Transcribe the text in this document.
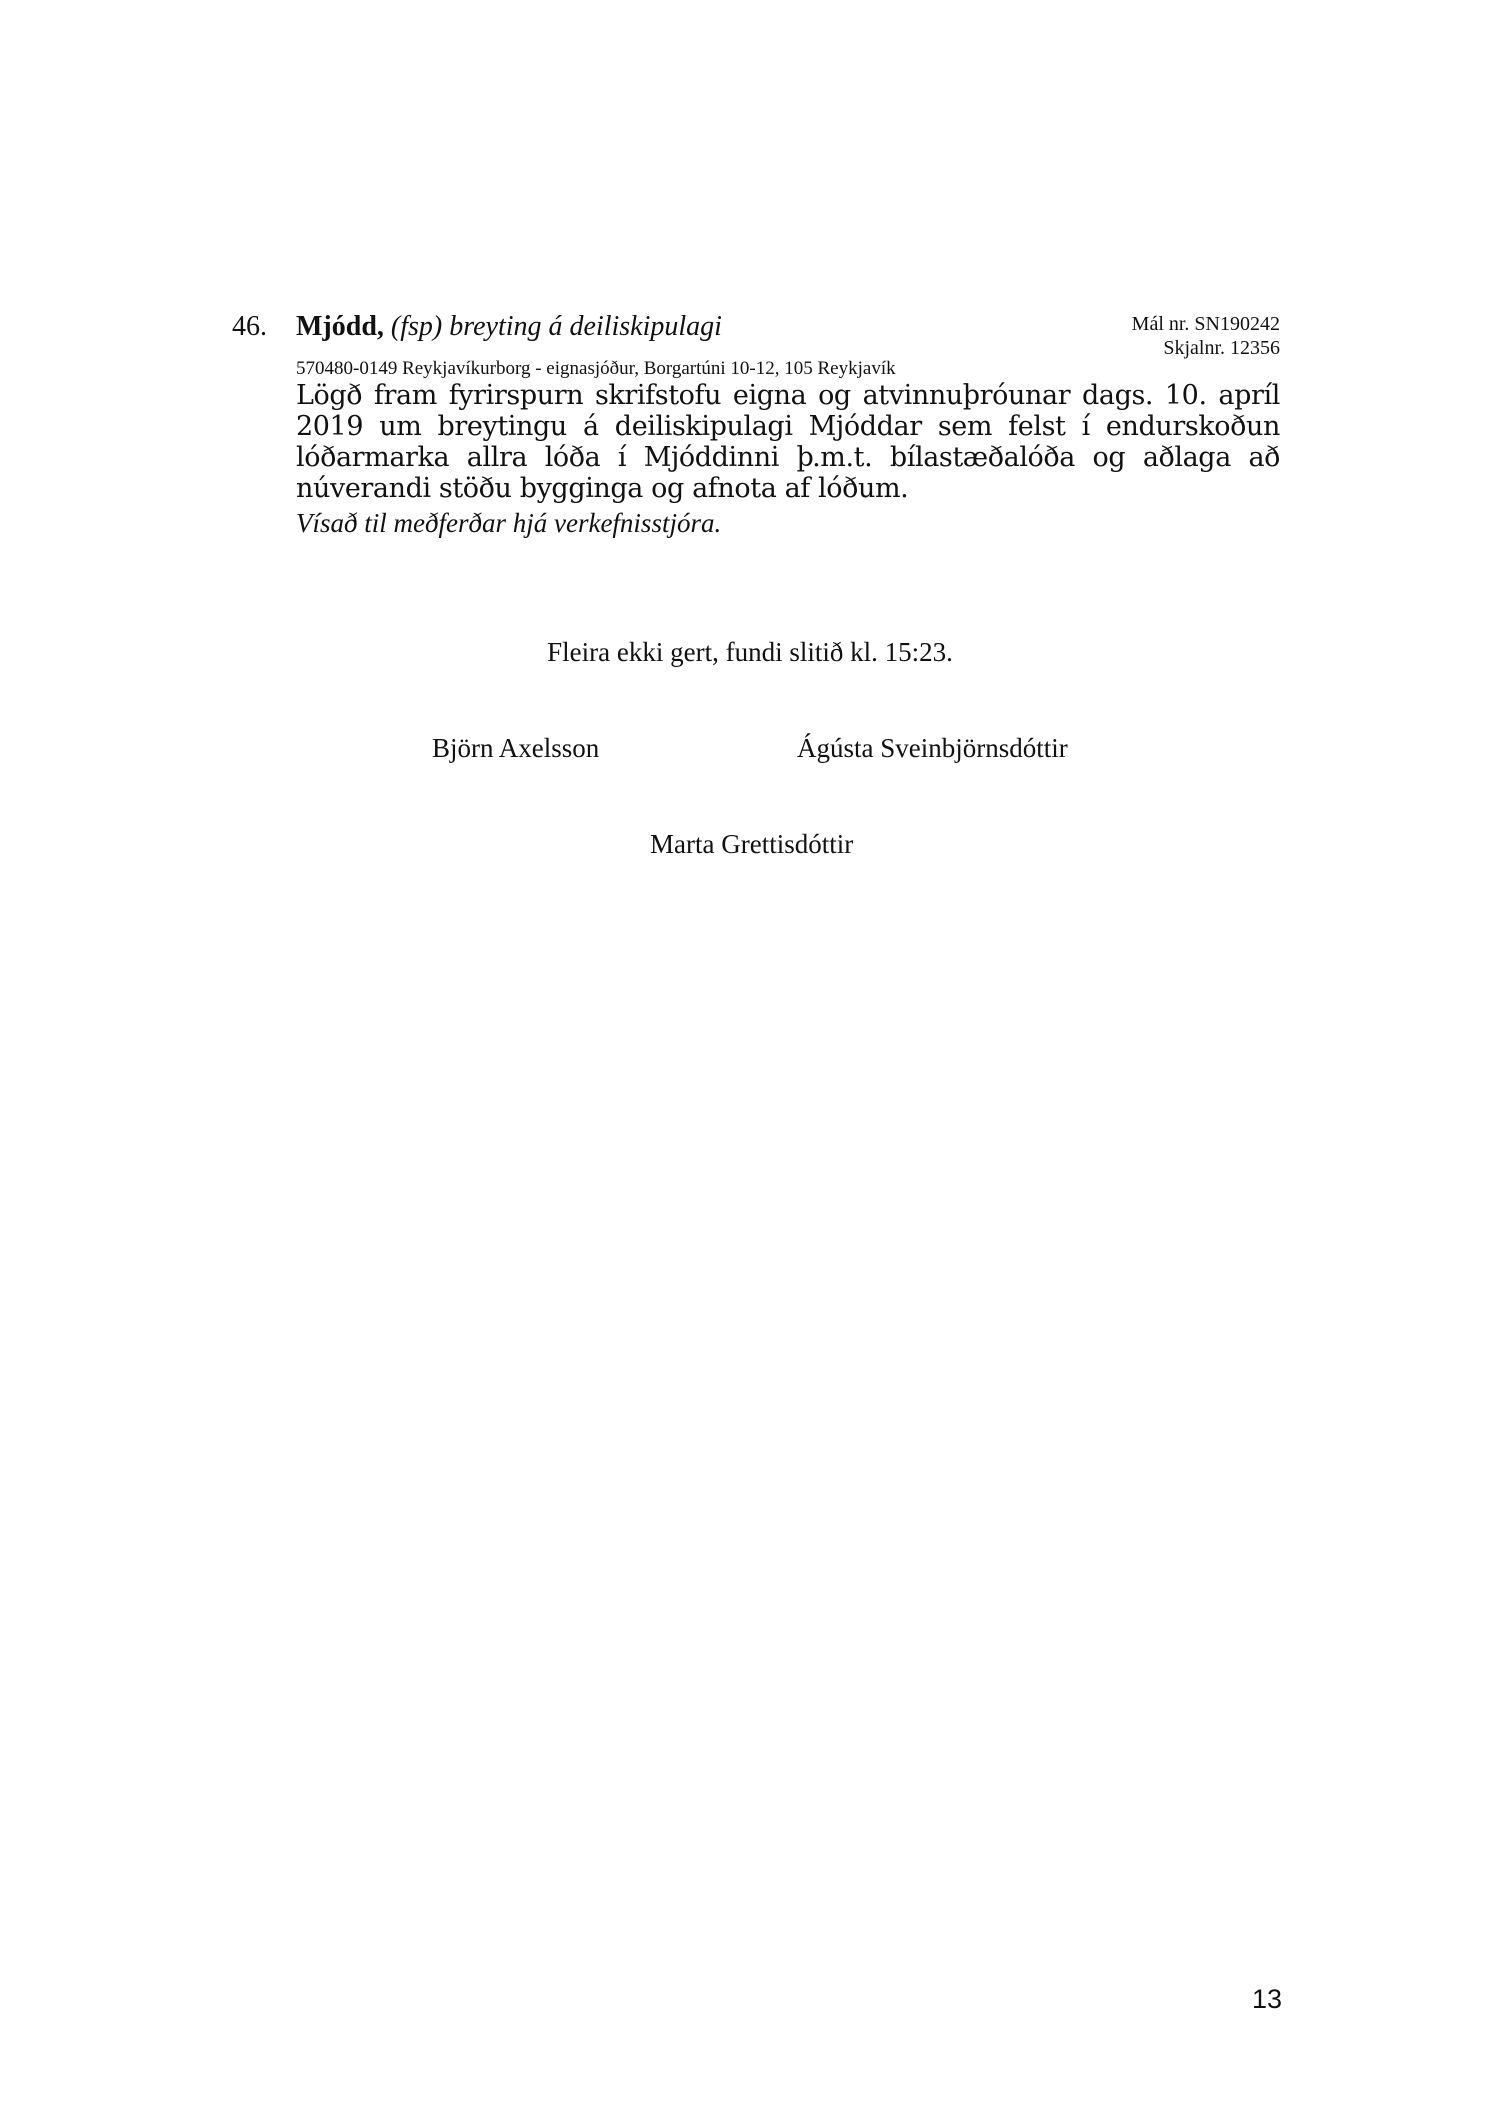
46. Mjódd, (fsp) breyting á deiliskipulagi	Mál nr. SN190242
Skjalnr. 12356
570480-0149 Reykjavíkurborg - eignasjóður, Borgartúni 10-12, 105 Reykjavík
Lögð fram fyrirspurn skrifstofu eigna og atvinnuþróunar dags. 10. apríl 2019 um breytingu á deiliskipulagi Mjóddar sem felst í endurskoðun lóðarmarka allra lóða í Mjóddinni þ.m.t. bílastæðalóða og aðlaga að núverandi stöðu bygginga og afnota af lóðum.
Vísað til meðferðar hjá verkefnisstjóra.
Fleira ekki gert, fundi slitið kl. 15:23.
Björn Axelsson	Ágústa Sveinbjörnsdóttir
Marta Grettisdóttir
13
